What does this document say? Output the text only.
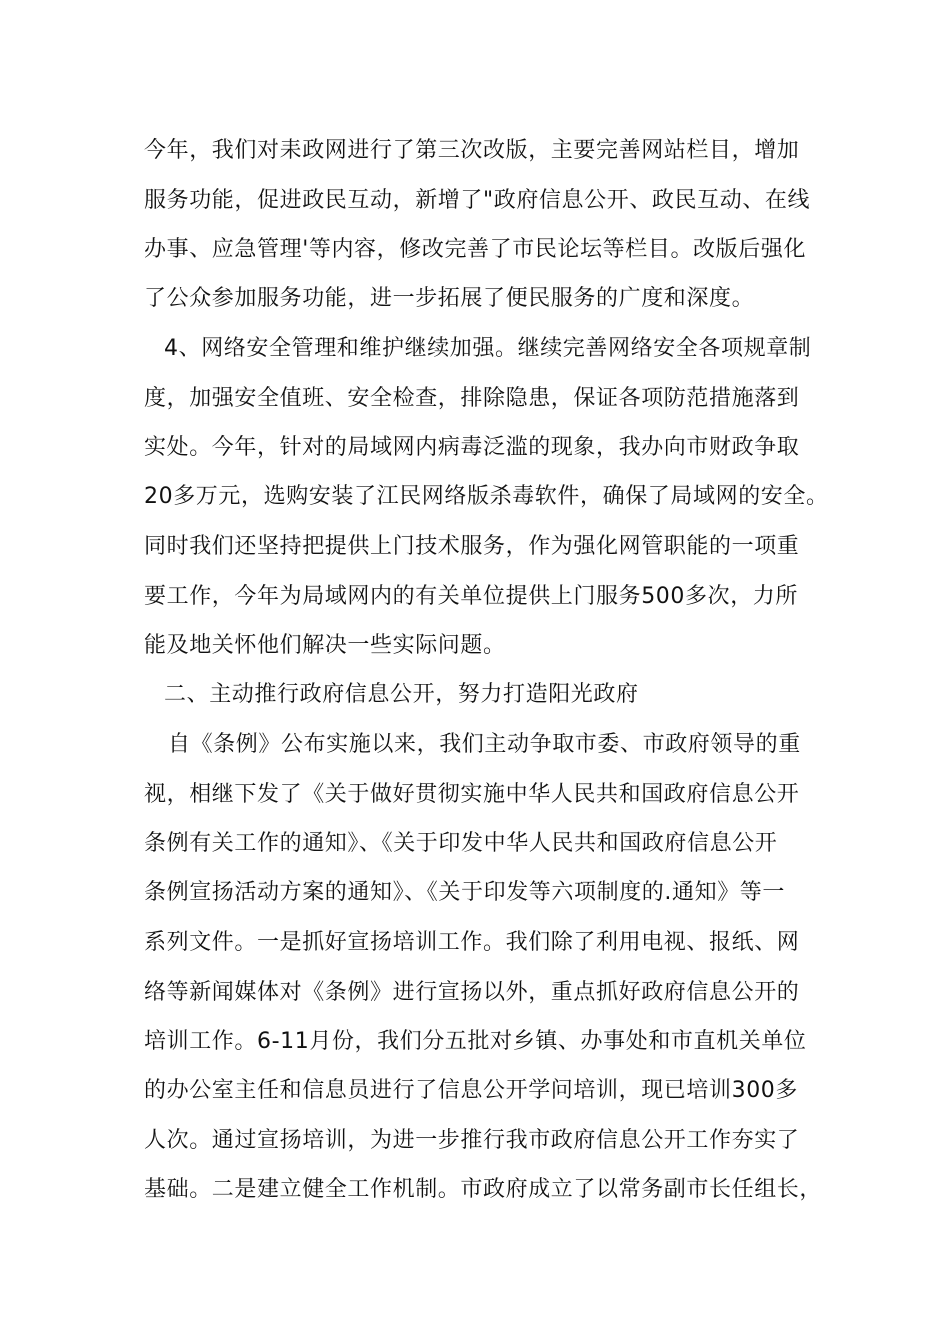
今年，我们对耒政网进行了第三次改版，主要完善网站栏目，增加
服务功能，促进政民互动，新增了"政府信息公开、政民互动、在线
办事、应急管理'等内容，修改完善了市民论坛等栏目。改版后强化
了公众参加服务功能，进一步拓展了便民服务的广度和深度。
4、网络安全管理和维护继续加强。继续完善网络安全各项规章制
度，加强安全值班、安全检查，排除隐患，保证各项防范措施落到
实处。今年，针对的局域网内病毒泛滥的现象，我办向市财政争取
20多万元，选购安装了江民网络版杀毒软件，确保了局域网的安全。
同时我们还坚持把提供上门技术服务，作为强化网管职能的一项重
要工作，今年为局域网内的有关单位提供上门服务500多次，力所
能及地关怀他们解决一些实际问题。
二、主动推行政府信息公开，努力打造阳光政府
自《条例》公布实施以来，我们主动争取市委、市政府领导的重
视，相继下发了《关于做好贯彻实施中华人民共和国政府信息公开
条例有关工作的通知》、《关于印发中华人民共和国政府信息公开
条例宣扬活动方案的通知》、《关于印发等六项制度的.通知》等一
系列文件。一是抓好宣扬培训工作。我们除了利用电视、报纸、网
络等新闻媒体对《条例》进行宣扬以外，重点抓好政府信息公开的
培训工作。6-11月份，我们分五批对乡镇、办事处和市直机关单位
的办公室主任和信息员进行了信息公开学问培训，现已培训300多
人次。通过宣扬培训，为进一步推行我市政府信息公开工作夯实了
基础。二是建立健全工作机制。市政府成立了以常务副市长任组长，
